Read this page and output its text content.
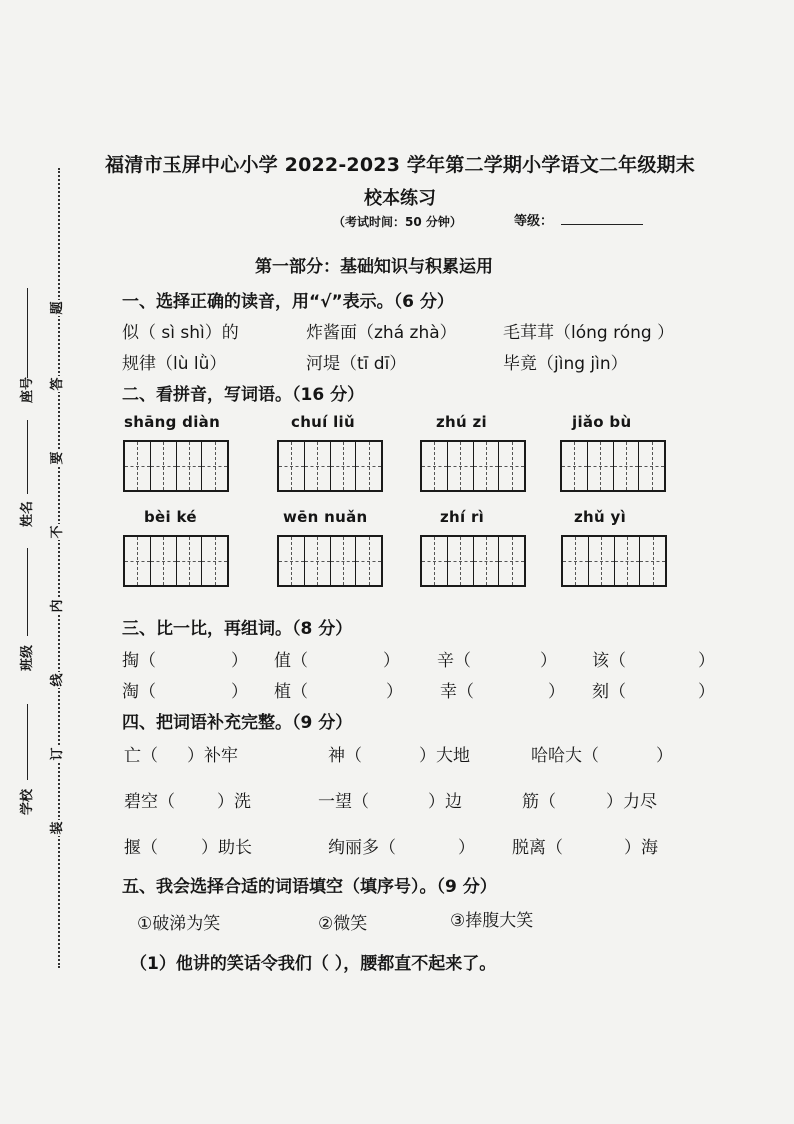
题
答
要
不
内
线
订
装
座号
姓名
班级
学校
福清市玉屏中心小学 2022-2023 学年第二学期小学语文二年级期末
校本练习
（考试时间：50 分钟）	等级：
第一部分：基础知识与积累运用
一、选择正确的读音，用“√”表示。（6 分）
似（ sì shì）的	炸酱面（zhá zhà）	毛茸茸（lóng róng ）
规律（lù lǜ）	河堤（tī dī）	毕竟（jìng jìn）
二、看拼音，写词语。（16 分）
shāng diàn	chuí liǔ	zhú zi	jiǎo bù
bèi ké	wēn nuǎn	zhí rì	zhǔ yì
三、比一比，再组词。（8 分）
掏（	） 值（	） 辛（	） 该（	）
淘（	） 植（	） 幸（	） 刻（	）
四、把词语补充完整。（9 分）
亡（ ）补牢	神（	）大地	哈哈大（	）
碧空（ ）洗	一望（	）边	筋（	）力尽
揠（	）助长	绚丽多（	） 脱离（	）海
五、我会选择合适的词语填空（填序号）。（9 分）
①破涕为笑	②微笑	③捧腹大笑
（1）他讲的笑话令我们（ ），腰都直不起来了。
